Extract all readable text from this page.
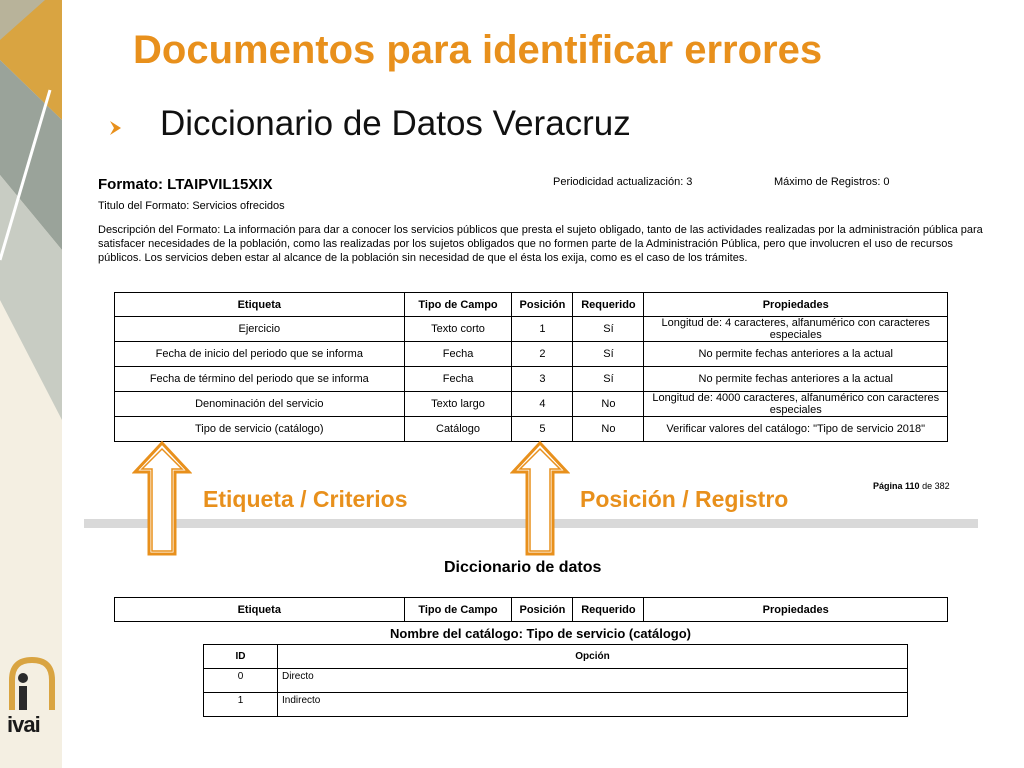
ivai
Documentos para identificar errores
Diccionario de Datos Veracruz
Formato: LTAIPVIL15XIX	Periodicidad actualización: 3	Máximo de Registros: 0
Titulo del Formato: Servicios ofrecidos
Descripción del Formato: La información para dar a conocer los servicios públicos que presta el sujeto obligado, tanto de las actividades realizadas por la administración pública para satisfacer necesidades de la población, como las realizadas por los sujetos obligados que no formen parte de la Administración Pública, pero que involucren el uso de recursos públicos. Los servicios deben estar al alcance de la población sin necesidad de que el ésta los exija, como es el caso de los trámites.
Etiqueta	Tipo de Campo	Posición	Requerido	Propiedades
Ejercicio	Texto corto	1	Sí	Longitud de: 4 caracteres, alfanumérico con caracteres especiales
Fecha de inicio del periodo que se informa	Fecha	2	Sí	No permite fechas anteriores a la actual
Fecha de término del periodo que se informa	Fecha	3	Sí	No permite fechas anteriores a la actual
Denominación del servicio	Texto largo	4	No	Longitud de: 4000 caracteres, alfanumérico con caracteres especiales
Tipo de servicio (catálogo)	Catálogo	5	No	Verificar valores del catálogo: "Tipo de servicio 2018"
Página 110 de 382
Etiqueta / Criterios	Posición / Registro
Diccionario de datos
Etiqueta	Tipo de Campo	Posición	Requerido	Propiedades
Nombre del catálogo: Tipo de servicio (catálogo)
ID	Opción
0	Directo
1	Indirecto
